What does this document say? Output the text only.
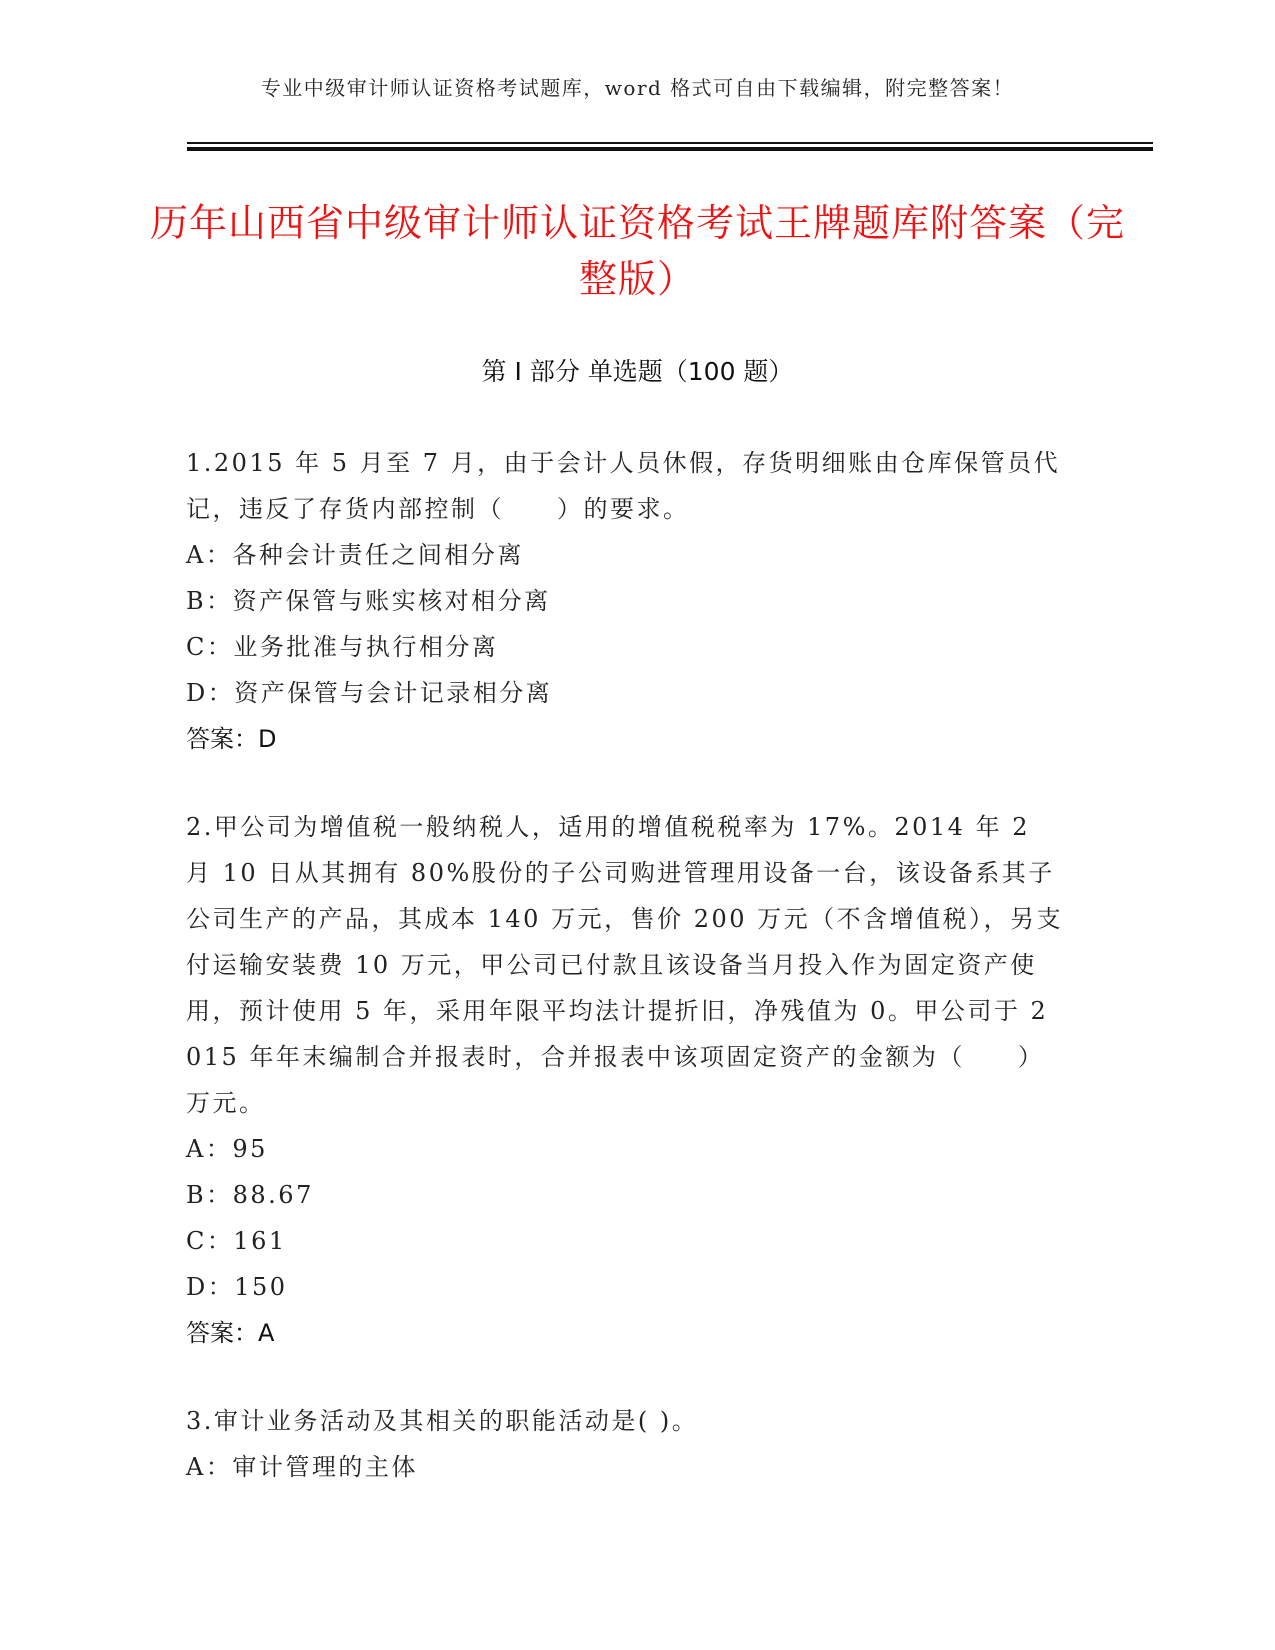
专业中级审计师认证资格考试题库，word 格式可自由下载编辑，附完整答案！
历年山西省中级审计师认证资格考试王牌题库附答案（完整版）
第 I 部分 单选题（100 题）

1.2015 年 5 月至 7 月，由于会计人员休假，存货明细账由仓库保管员代记，违反了存货内部控制（　　）的要求。

A：各种会计责任之间相分离

B：资产保管与账实核对相分离

C：业务批准与执行相分离

D：资产保管与会计记录相分离

答案：D

2.甲公司为增值税一般纳税人，适用的增值税税率为 17%。2014 年 2 月 10 日从其拥有 80%股份的子公司购进管理用设备一台，该设备系其子公司生产的产品，其成本 140 万元，售价 200 万元（不含增值税），另支付运输安装费 10 万元，甲公司已付款且该设备当月投入作为固定资产使用，预计使用 5 年，采用年限平均法计提折旧，净残值为 0。甲公司于 2015 年年末编制合并报表时，合并报表中该项固定资产的金额为（　　）万元。

A：95

B：88.67

C：161

D：150

答案：A

3.审计业务活动及其相关的职能活动是( )。

A：审计管理的主体
